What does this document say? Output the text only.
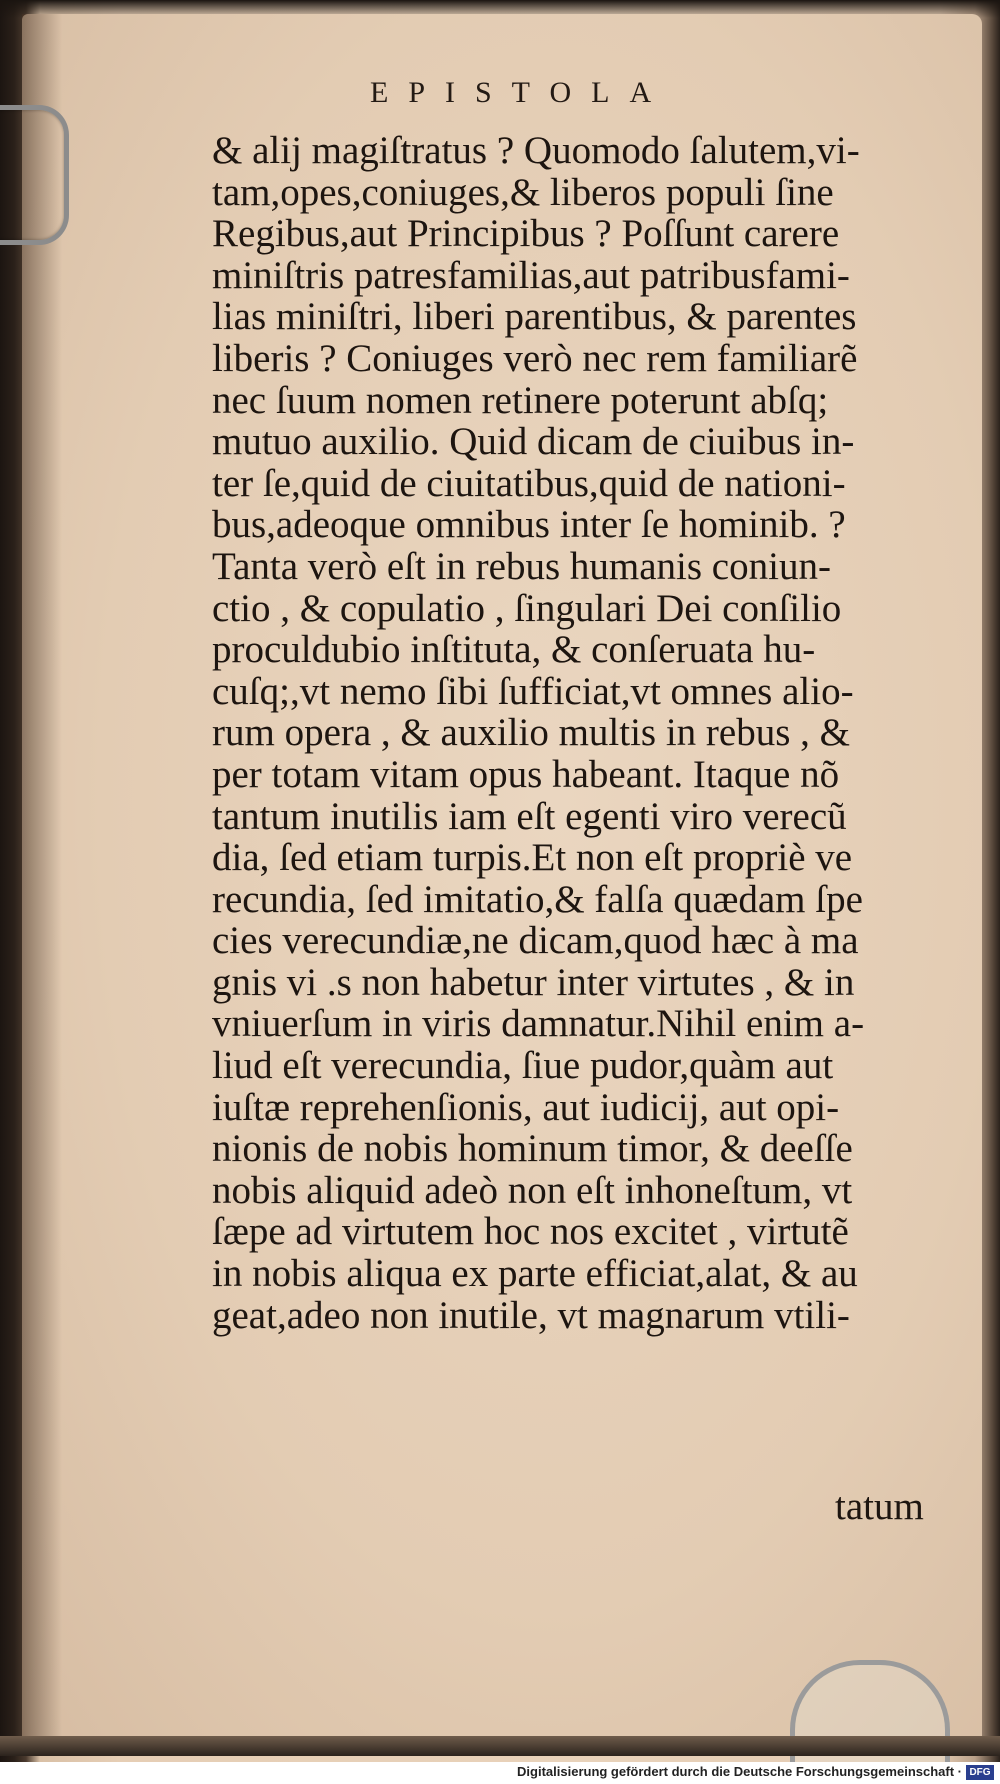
EPISTOLA
& alij magiſtratus ? Quomodo ſalutem,vi-
tam,opes,coniuges,& liberos populi ſine
Regibus,aut Principibus ? Poſſunt carere
miniſtris patresfamilias,aut patribusfami-
lias miniſtri, liberi parentibus, & parentes
liberis ? Coniuges verò nec rem familiarẽ
nec ſuum nomen retinere poterunt abſq;
mutuo auxilio. Quid dicam de ciuibus in-
ter ſe,quid de ciuitatibus,quid de nationi-
bus,adeoque omnibus inter ſe hominib. ?
Tanta verò eſt in rebus humanis coniun-
ctio , & copulatio , ſingulari Dei conſilio
proculdubio inſtituta, & conſeruata hu-
cuſq;,vt nemo ſibi ſufficiat,vt omnes alio-
rum opera , & auxilio multis in rebus , &
per totam vitam opus habeant. Itaque nõ
tantum inutilis iam eſt egenti viro verecũ
dia, ſed etiam turpis.Et non eſt propriè ve
recundia, ſed imitatio,& falſa quædam ſpe
cies verecundiæ,ne dicam,quod hæc à ma
gnis vi .s non habetur inter virtutes , & in
vniuerſum in viris damnatur.Nihil enim a-
liud eſt verecundia, ſiue pudor,quàm aut
iuſtæ reprehenſionis, aut iudicij, aut opi-
nionis de nobis hominum timor, & deeſſe
nobis aliquid adeò non eſt inhoneſtum, vt
ſæpe ad virtutem hoc nos excitet , virtutẽ
in nobis aliqua ex parte efficiat,alat, & au
geat,adeo non inutile, vt magnarum vtili-
tatum
Digitalisierung gefördert durch die Deutsche Forschungsgemeinschaft · DFG
